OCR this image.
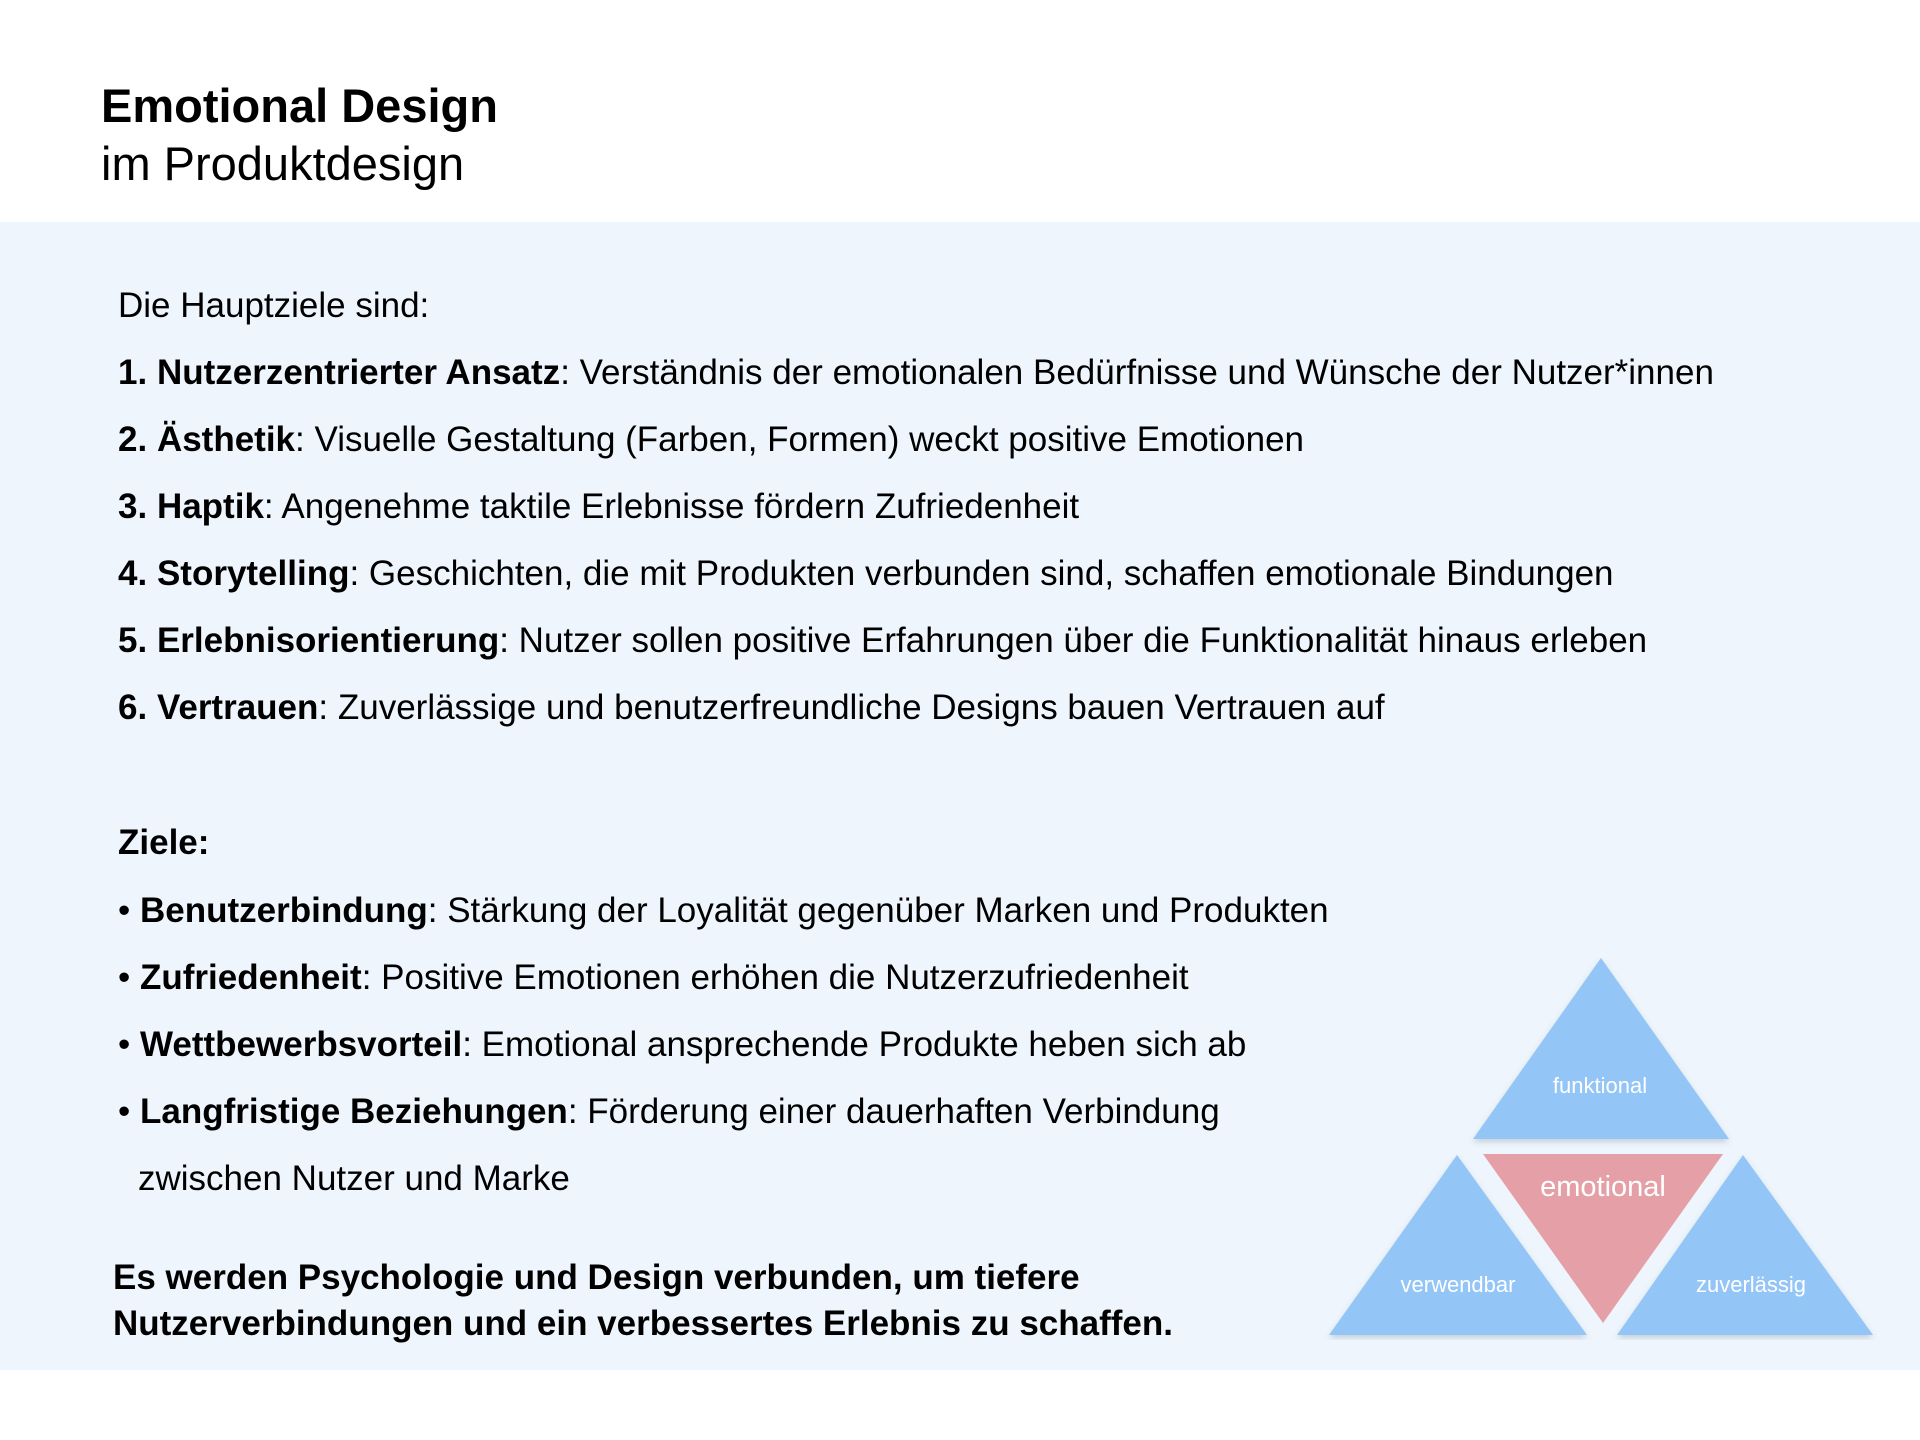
Emotional Design
im Produktdesign
Die Hauptziele sind:
1. Nutzerzentrierter Ansatz: Verständnis der emotionalen Bedürfnisse und Wünsche der Nutzer*innen
2. Ästhetik: Visuelle Gestaltung (Farben, Formen) weckt positive Emotionen
3. Haptik: Angenehme taktile Erlebnisse fördern Zufriedenheit
4. Storytelling: Geschichten, die mit Produkten verbunden sind, schaffen emotionale Bindungen
5. Erlebnisorientierung: Nutzer sollen positive Erfahrungen über die Funktionalität hinaus erleben
6. Vertrauen: Zuverlässige und benutzerfreundliche Designs bauen Vertrauen auf
Ziele:
• Benutzerbindung: Stärkung der Loyalität gegenüber Marken und Produkten
• Zufriedenheit: Positive Emotionen erhöhen die Nutzerzufriedenheit
• Wettbewerbsvorteil: Emotional ansprechende Produkte heben sich ab
• Langfristige Beziehungen: Förderung einer dauerhaften Verbindung
zwischen Nutzer und Marke
Es werden Psychologie und Design verbunden, um tiefere
Nutzerverbindungen und ein verbessertes Erlebnis zu schaffen.
funktional
emotional
verwendbar	zuverlässig
